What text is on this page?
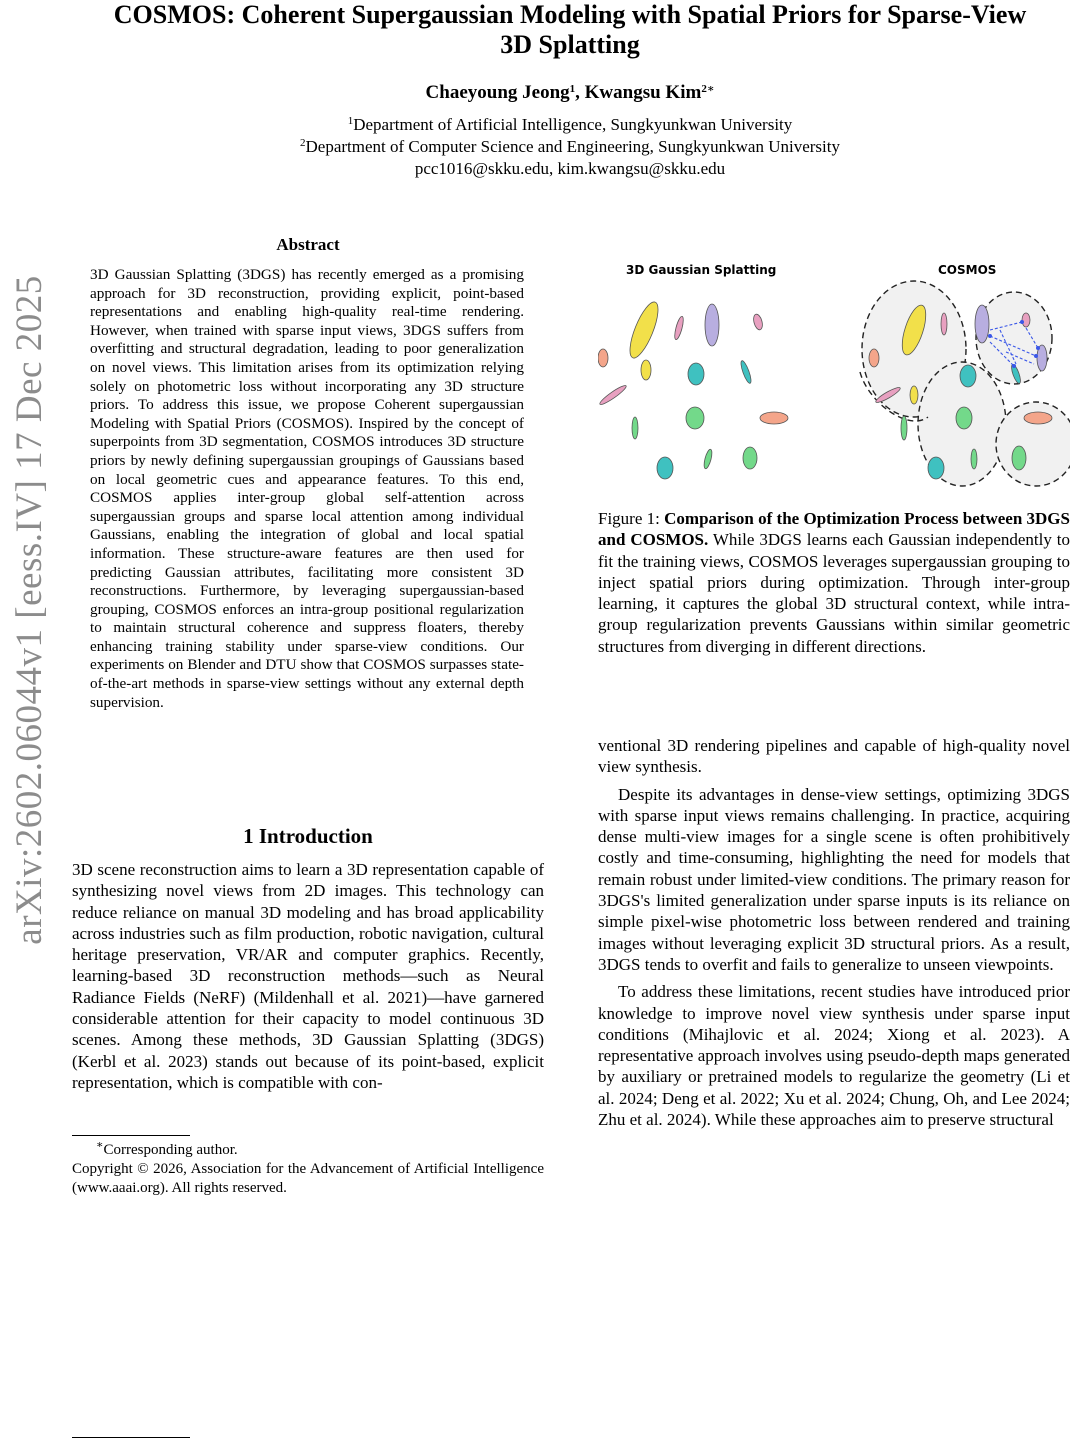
arXiv:2602.06044v1 [eess.IV] 17 Dec 2025
COSMOS: Coherent Supergaussian Modeling with Spatial Priors for Sparse-View
3D Splatting
Chaeyoung Jeong$^1$, Kwangsu Kim$^{2∗}$
$^1$Department of Artificial Intelligence, Sungkyunkwan University
$^2$Department of Computer Science and Engineering, Sungkyunkwan University
pcc1016@skku.edu, kim.kwangsu@skku.edu
Abstract
3D Gaussian Splatting (3DGS) has recently emerged as a promising approach for 3D reconstruction, providing explicit, point-based representations and enabling high-quality real-time rendering. However, when trained with sparse input views, 3DGS suffers from overfitting and structural degradation, leading to poor generalization on novel views. This limitation arises from its optimization relying solely on photometric loss without incorporating any 3D structure priors. To address this issue, we propose Coherent supergaussian Modeling with Spatial Priors (COSMOS). Inspired by the concept of superpoints from 3D segmentation, COSMOS introduces 3D structure priors by newly defining supergaussian groupings of Gaussians based on local geometric cues and appearance features. To this end, COSMOS applies inter-group global self-attention across supergaussian groups and sparse local attention among individual Gaussians, enabling the integration of global and local spatial information. These structure-aware features are then used for predicting Gaussian attributes, facilitating more consistent 3D reconstructions. Furthermore, by leveraging supergaussian-based grouping, COSMOS enforces an intra-group positional regularization to maintain structural coherence and suppress floaters, thereby enhancing training stability under sparse-view conditions. Our experiments on Blender and DTU show that COSMOS surpasses state-of-the-art methods in sparse-view settings without any external depth supervision.
1 Introduction
3D scene reconstruction aims to learn a 3D representation capable of synthesizing novel views from 2D images. This technology can reduce reliance on manual 3D modeling and has broad applicability across industries such as film production, robotic navigation, cultural heritage preservation, VR/AR and computer graphics. Recently, learning-based 3D reconstruction methods—such as Neural Radiance Fields (NeRF) (Mildenhall et al. 2021)—have garnered considerable attention for their capacity to model continuous 3D scenes. Among these methods, 3D Gaussian Splatting (3DGS) (Kerbl et al. 2023) stands out because of its point-based, explicit representation, which is compatible with con-
∗Corresponding author.
Copyright © 2026, Association for the Advancement of Artificial Intelligence (www.aaai.org). All rights reserved.
3D Gaussian Splatting	COSMOS
Figure 1: Comparison of the Optimization Process between 3DGS and COSMOS. While 3DGS learns each Gaussian independently to fit the training views, COSMOS leverages supergaussian grouping to inject spatial priors during optimization. Through inter-group learning, it captures the global 3D structural context, while intra-group regularization prevents Gaussians within similar geometric structures from diverging in different directions.

ventional 3D rendering pipelines and capable of high-quality novel view synthesis.

Despite its advantages in dense-view settings, optimizing 3DGS with sparse input views remains challenging. In practice, acquiring dense multi-view images for a single scene is often prohibitively costly and time-consuming, highlighting the need for models that remain robust under limited-view conditions. The primary reason for 3DGS's limited generalization under sparse inputs is its reliance on simple pixel-wise photometric loss between rendered and training images without leveraging explicit 3D structural priors. As a result, 3DGS tends to overfit and fails to generalize to unseen viewpoints.

To address these limitations, recent studies have introduced prior knowledge to improve novel view synthesis under sparse input conditions (Mihajlovic et al. 2024; Xiong et al. 2023). A representative approach involves using pseudo-depth maps generated by auxiliary or pretrained models to regularize the geometry (Li et al. 2024; Deng et al. 2022; Xu et al. 2024; Chung, Oh, and Lee 2024; Zhu et al. 2024). While these approaches aim to preserve structural
